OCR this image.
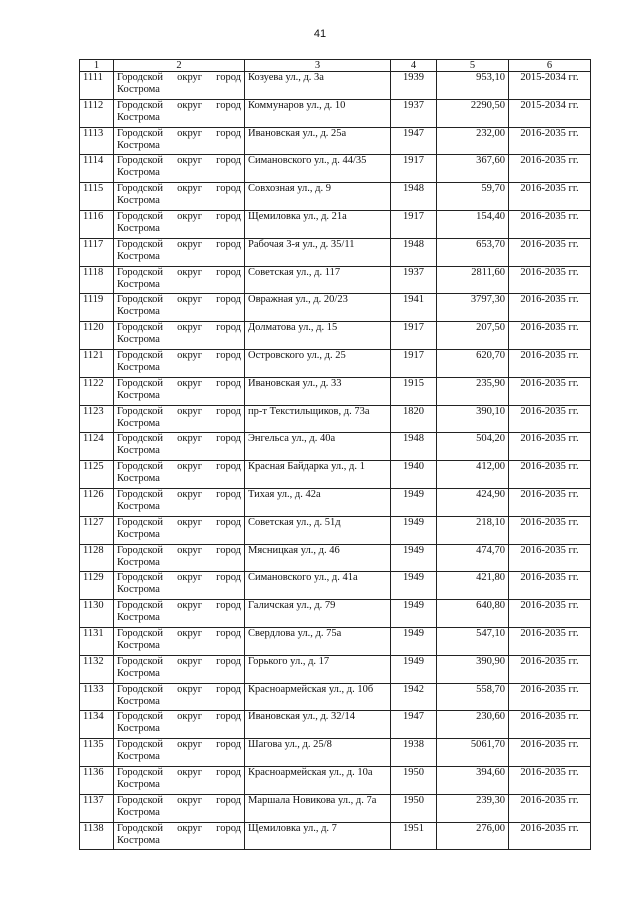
41
1	2	3	4	5	6
1111	Городской округ город Кострома	Козуева ул., д. 3а	1939	953,10	2015-2034 гг.
1112	Городской округ город Кострома	Коммунаров ул., д. 10	1937	2290,50	2015-2034 гг.
1113	Городской округ город Кострома	Ивановская ул., д. 25а	1947	232,00	2016-2035 гг.
1114	Городской округ город Кострома	Симановского ул., д. 44/35	1917	367,60	2016-2035 гг.
1115	Городской округ город Кострома	Совхозная ул., д. 9	1948	59,70	2016-2035 гг.
1116	Городской округ город Кострома	Щемиловка ул., д. 21а	1917	154,40	2016-2035 гг.
1117	Городской округ город Кострома	Рабочая 3-я ул., д. 35/11	1948	653,70	2016-2035 гг.
1118	Городской округ город Кострома	Советская ул., д. 117	1937	2811,60	2016-2035 гг.
1119	Городской округ город Кострома	Овражная ул., д. 20/23	1941	3797,30	2016-2035 гг.
1120	Городской округ город Кострома	Долматова ул., д. 15	1917	207,50	2016-2035 гг.
1121	Городской округ город Кострома	Островского ул., д. 25	1917	620,70	2016-2035 гг.
1122	Городской округ город Кострома	Ивановская ул., д. 33	1915	235,90	2016-2035 гг.
1123	Городской округ город Кострома	пр-т Текстильщиков, д. 73а	1820	390,10	2016-2035 гг.
1124	Городской округ город Кострома	Энгельса ул., д. 40а	1948	504,20	2016-2035 гг.
1125	Городской округ город Кострома	Красная Байдарка ул., д. 1	1940	412,00	2016-2035 гг.
1126	Городской округ город Кострома	Тихая ул., д. 42а	1949	424,90	2016-2035 гг.
1127	Городской округ город Кострома	Советская ул., д. 51д	1949	218,10	2016-2035 гг.
1128	Городской округ город Кострома	Мясницкая ул., д. 46	1949	474,70	2016-2035 гг.
1129	Городской округ город Кострома	Симановского ул., д. 41а	1949	421,80	2016-2035 гг.
1130	Городской округ город Кострома	Галичская ул., д. 79	1949	640,80	2016-2035 гг.
1131	Городской округ город Кострома	Свердлова ул., д. 75а	1949	547,10	2016-2035 гг.
1132	Городской округ город Кострома	Горького ул., д. 17	1949	390,90	2016-2035 гг.
1133	Городской округ город Кострома	Красноармейская ул., д. 10б	1942	558,70	2016-2035 гг.
1134	Городской округ город Кострома	Ивановская ул., д. 32/14	1947	230,60	2016-2035 гг.
1135	Городской округ город Кострома	Шагова ул., д. 25/8	1938	5061,70	2016-2035 гг.
1136	Городской округ город Кострома	Красноармейская ул., д. 10а	1950	394,60	2016-2035 гг.
1137	Городской округ город Кострома	Маршала Новикова ул., д. 7а	1950	239,30	2016-2035 гг.
1138	Городской округ город Кострома	Щемиловка ул., д. 7	1951	276,00	2016-2035 гг.
